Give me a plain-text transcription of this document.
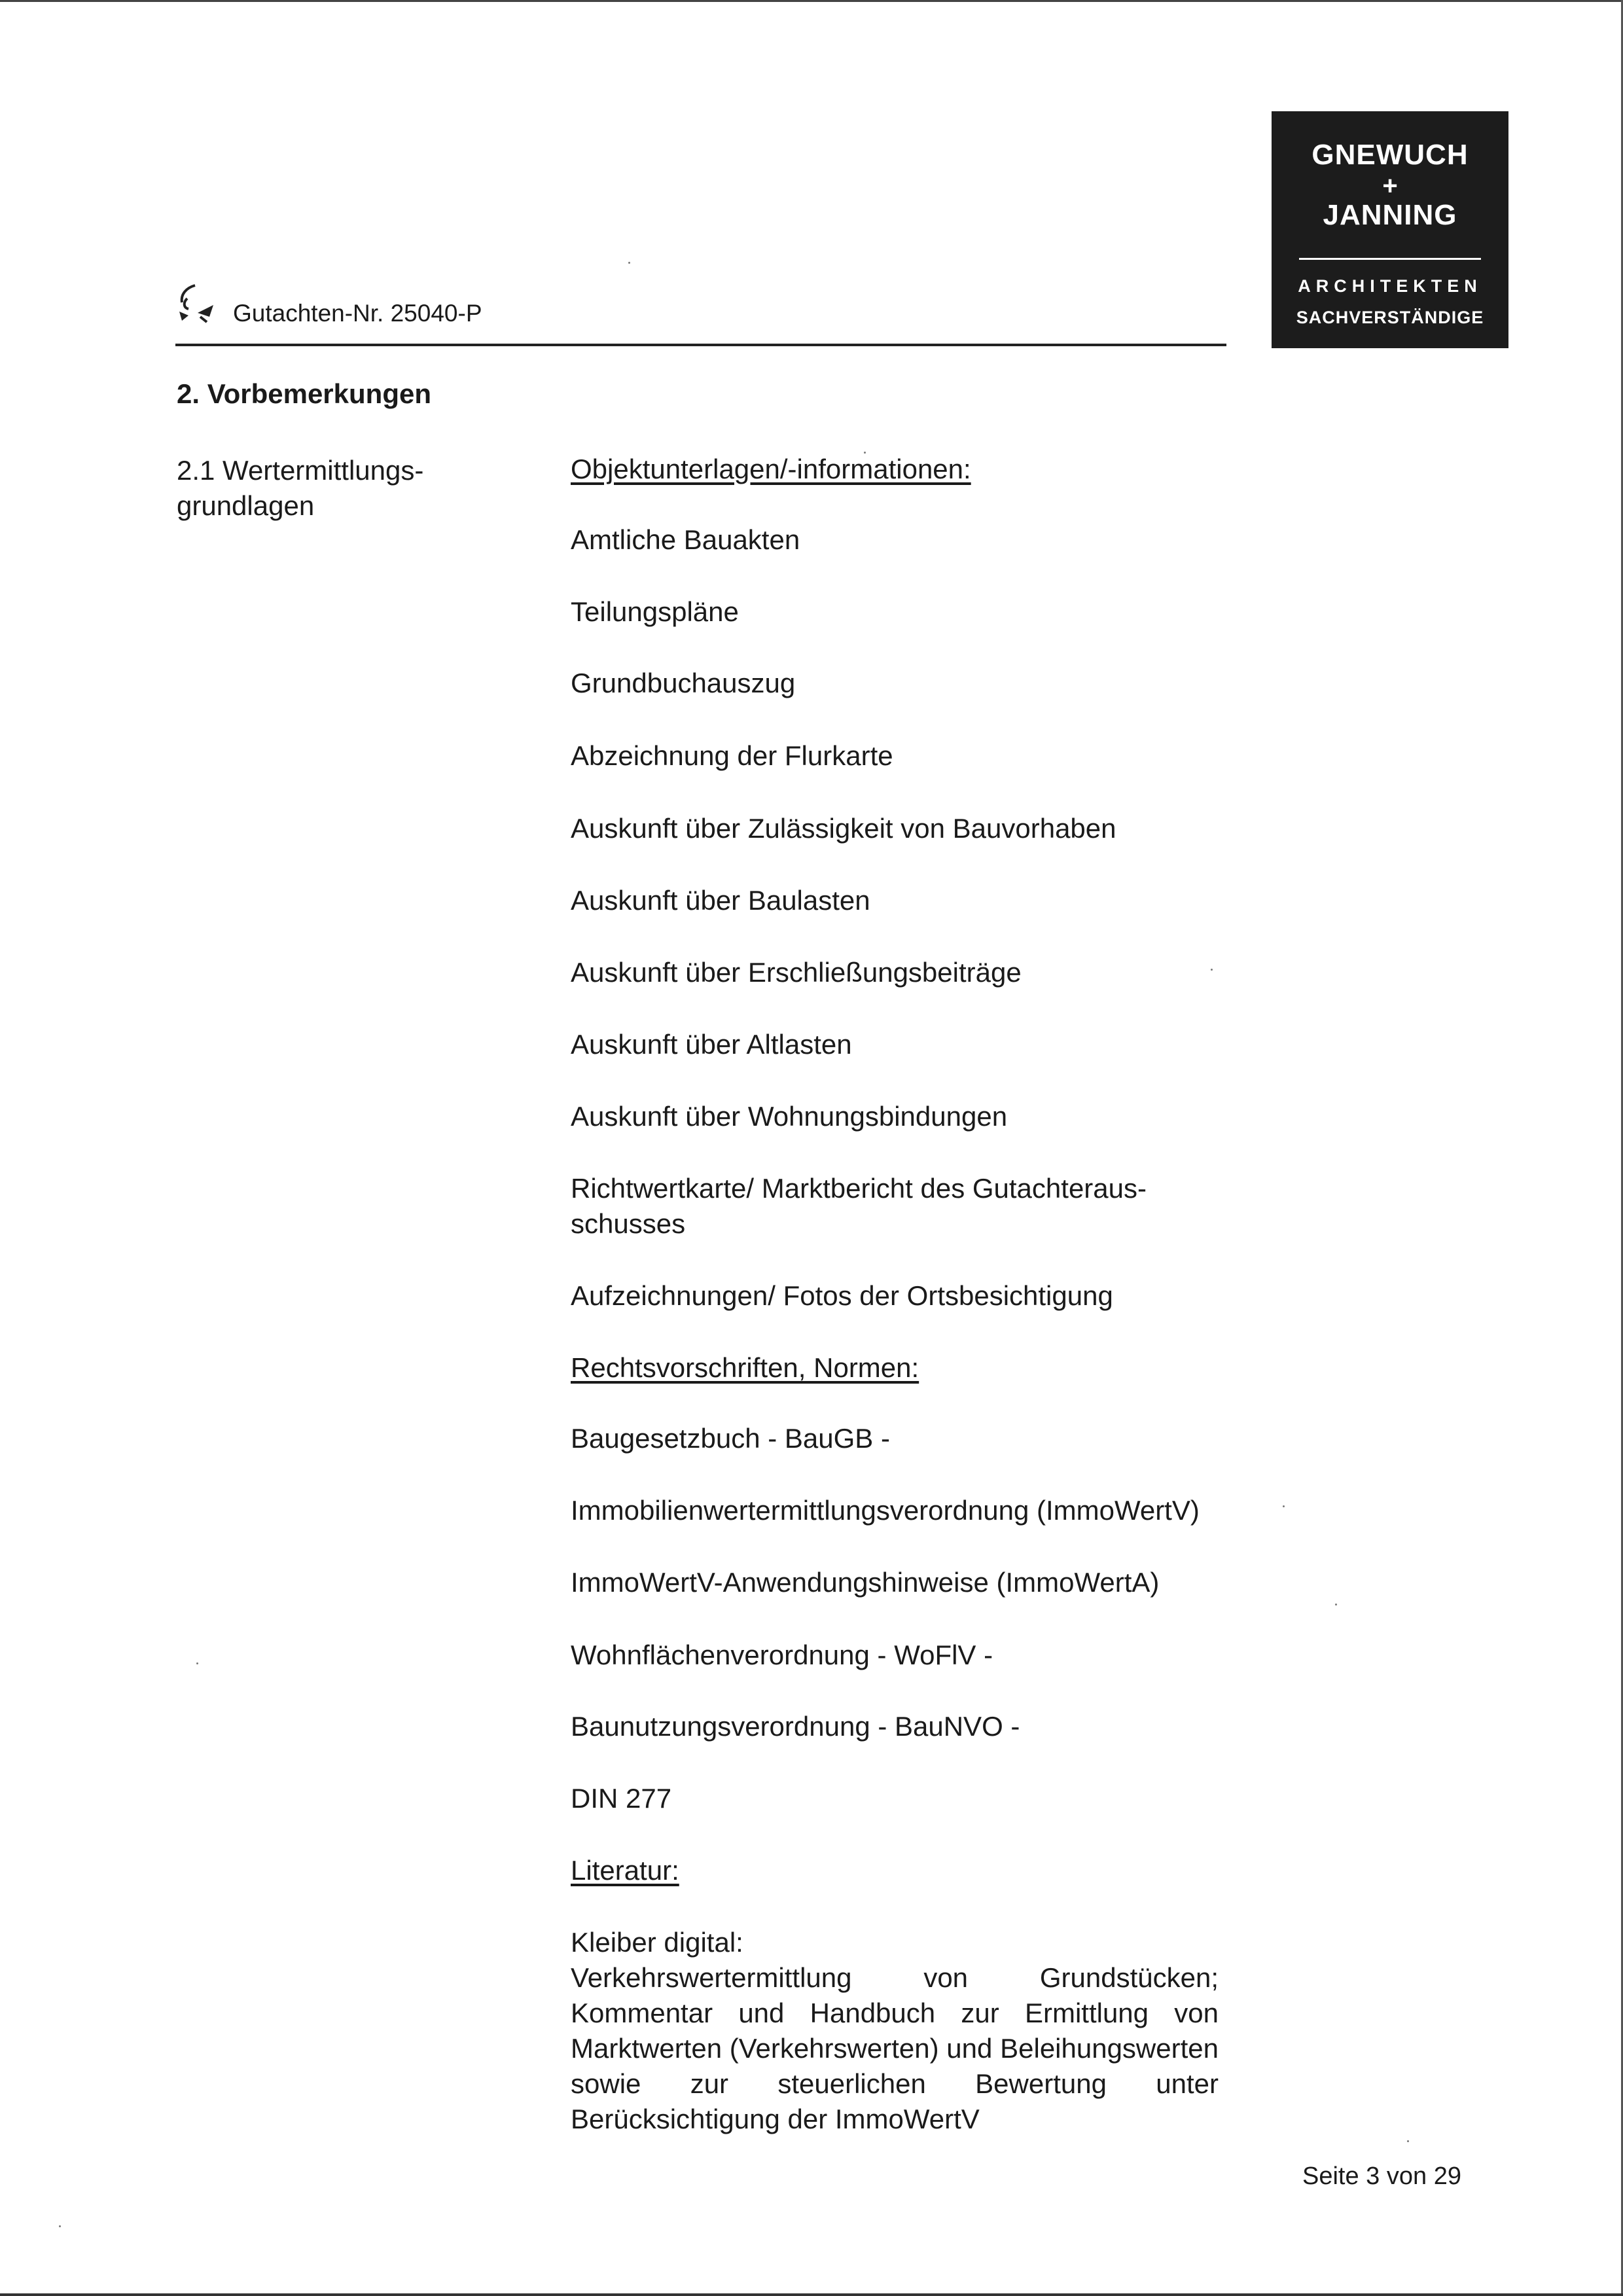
GNEWUCH
+
JANNING
ARCHITEKTEN
SACHVERSTÄNDIGE
Gutachten-Nr. 25040-P
2. Vorbemerkungen
2.1 Wertermittlungs-
grundlagen
Objektunterlagen/-informationen:
Amtliche Bauakten
Teilungspläne
Grundbuchauszug
Abzeichnung der Flurkarte
Auskunft über Zulässigkeit von Bauvorhaben
Auskunft über Baulasten
Auskunft über Erschließungsbeiträge
Auskunft über Altlasten
Auskunft über Wohnungsbindungen
Richtwertkarte/ Marktbericht des Gutachteraus-
schusses
Aufzeichnungen/ Fotos der Ortsbesichtigung
Rechtsvorschriften, Normen:
Baugesetzbuch - BauGB -
Immobilienwertermittlungsverordnung (ImmoWertV)
ImmoWertV-Anwendungshinweise (ImmoWertA)
Wohnflächenverordnung - WoFlV -
Baunutzungsverordnung - BauNVO -
DIN 277
Literatur:
Kleiber digital:
Verkehrswertermittlung von Grundstücken; Kommentar und Handbuch zur Ermittlung von Marktwerten (Verkehrswerten) und Beleihungswerten sowie zur steuerlichen Bewertung unter Berücksichtigung der ImmoWertV
Seite 3 von 29
